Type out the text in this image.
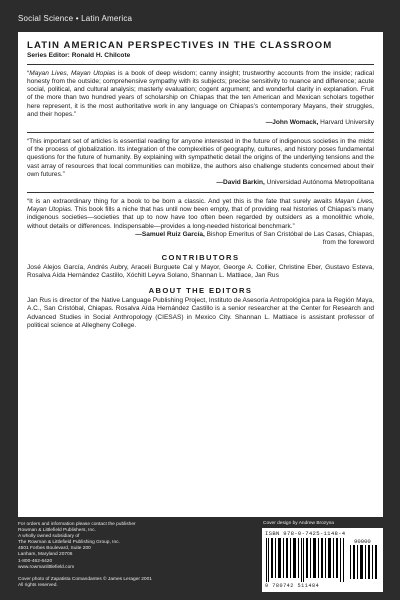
Social Science • Latin America
LATIN AMERICAN PERSPECTIVES IN THE CLASSROOM
Series Editor: Ronald H. Chilcote
“Mayan Lives, Mayan Utopias is a book of deep wisdom; canny insight; trustworthy accounts from the inside; radical honesty from the outside; comprehensive sympathy with its subjects; precise sensitivity to nuance and difference; acute social, political, and cultural analysis; masterly evaluation; cogent argument; and wonderful clarity in explanation. Fruit of the more than two hundred years of scholarship on Chiapas that the ten American and Mexican scholars together here represent, it is the most authoritative work in any language on Chiapas’s contemporary Mayans, their struggles, and their hopes.”
—John Womack, Harvard University
“This important set of articles is essential reading for anyone interested in the future of indigenous societies in the midst of the process of globalization. Its integration of the complexities of geography, cultures, and history poses fundamental questions for the future of humanity. By explaining with sympathetic detail the origins of the underlying tensions and the vast array of resources that local communities can mobilize, the authors also challenge students concerned about their own futures.”
—David Barkin, Universidad Autónoma Metropolitana
“It is an extraordinary thing for a book to be born a classic. And yet this is the fate that surely awaits Mayan Lives, Mayan Utopias. This book fills a niche that has until now been empty, that of providing real histories of Chiapas’s many indigenous societies—societies that up to now have too often been regarded by outsiders as a monolithic whole, without details or differences. Indispensable—provides a long-needed historical benchmark.”
—Samuel Ruiz García, Bishop Emeritus of San Cristóbal de Las Casas, Chiapas,
from the foreword
CONTRIBUTORS
José Alejos García, Andrés Aubry, Araceli Burguete Cal y Mayor, George A. Collier, Christine Eber, Gustavo Esteva, Rosalva Aída Hernández Castillo, Xóchitl Leyva Solano, Shannan L. Mattiace, Jan Rus
ABOUT THE EDITORS
Jan Rus is director of the Native Language Publishing Project, Instituto de Asesoría Antropológica para la Región Maya, A.C., San Cristóbal, Chiapas. Rosalva Aída Hernández Castillo is a senior researcher at the Center for Research and Advanced Studies in Social Anthropology (CIESAS) in Mexico City. Shannan L. Mattiace is assistant professor of political science at Allegheny College.
For orders and information please contact the publisher
Rowman & Littlefield Publishers, Inc.
A wholly owned subsidiary of
The Rowman & Littlefield Publishing Group, Inc.
4501 Forbes Boulevard, Suite 200
Lanham, Maryland 20706
1-800-462-6420
www.rowmanlittlefield.com
Cover photo of Zapatista Comandantes © James Lerager 2001
All rights reserved.
Cover design by Andrew Brozyna
ISBN 978-0-7425-1148-4
90000
9 780742 511484
